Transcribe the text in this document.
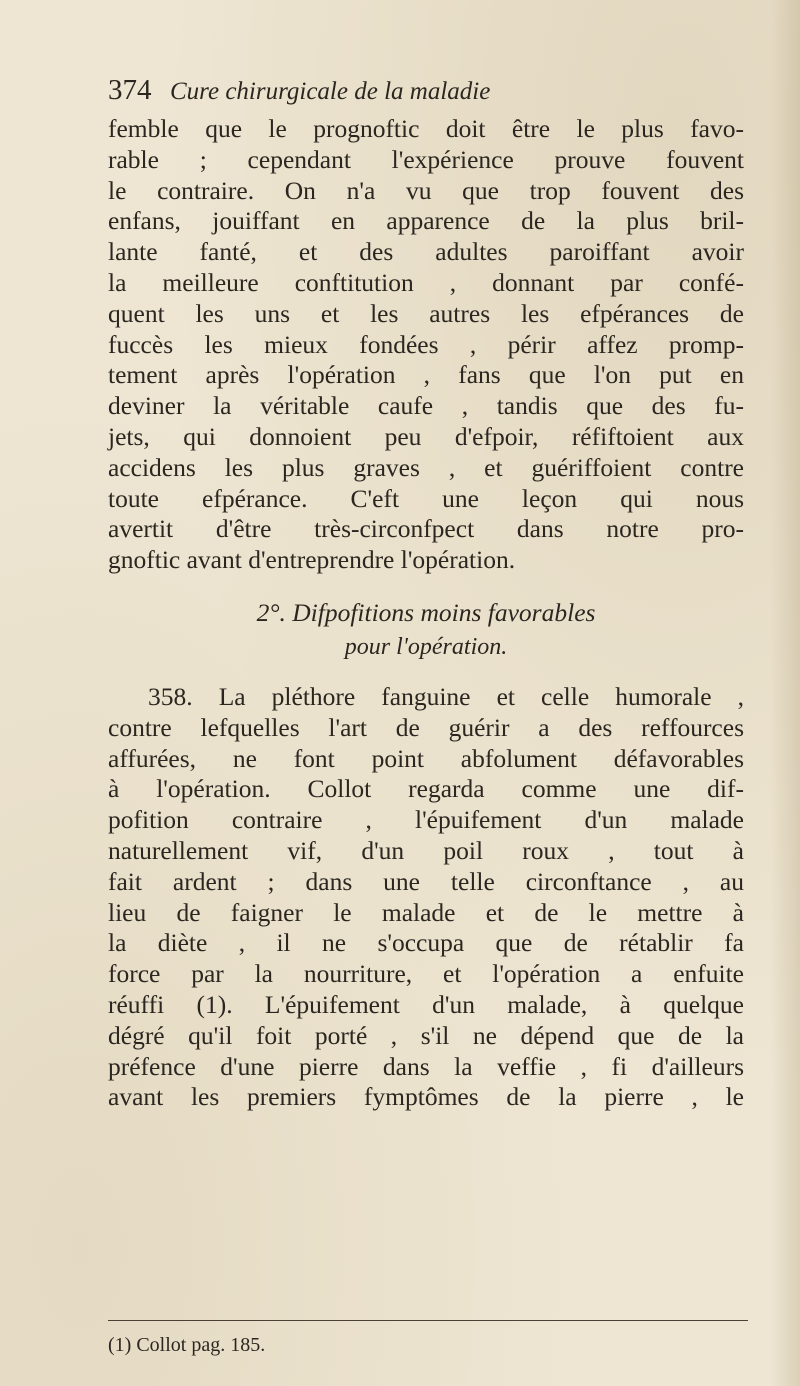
374 Cure chirurgicale de la maladie
femble que le prognoftic doit être le plus favo-
rable ; cependant l'expérience prouve fouvent
le contraire. On n'a vu que trop fouvent des
enfans, jouiffant en apparence de la plus bril-
lante fanté, et des adultes paroiffant avoir
la meilleure conftitution , donnant par confé-
quent les uns et les autres les efpérances de
fuccès les mieux fondées , périr affez promp-
tement après l'opération , fans que l'on put en
deviner la véritable caufe , tandis que des fu-
jets, qui donnoient peu d'efpoir, réfiftoient aux
accidens les plus graves , et guériffoient contre
toute efpérance. C'eft une leçon qui nous
avertit d'être très-circonfpect dans notre pro-
gnoftic avant d'entreprendre l'opération.
2°. Difpofitions moins favorables
pour l'opération.
358. La pléthore fanguine et celle humorale ,
contre lefquelles l'art de guérir a des reffources
affurées, ne font point abfolument défavorables
à l'opération. Collot regarda comme une dif-
pofition contraire , l'épuifement d'un malade
naturellement vif, d'un poil roux , tout à
fait ardent ; dans une telle circonftance , au
lieu de faigner le malade et de le mettre à
la diète , il ne s'occupa que de rétablir fa
force par la nourriture, et l'opération a enfuite
réuffi (1). L'épuifement d'un malade, à quelque
dégré qu'il foit porté , s'il ne dépend que de la
préfence d'une pierre dans la veffie , fi d'ailleurs
avant les premiers fymptômes de la pierre , le
(1) Collot pag. 185.
